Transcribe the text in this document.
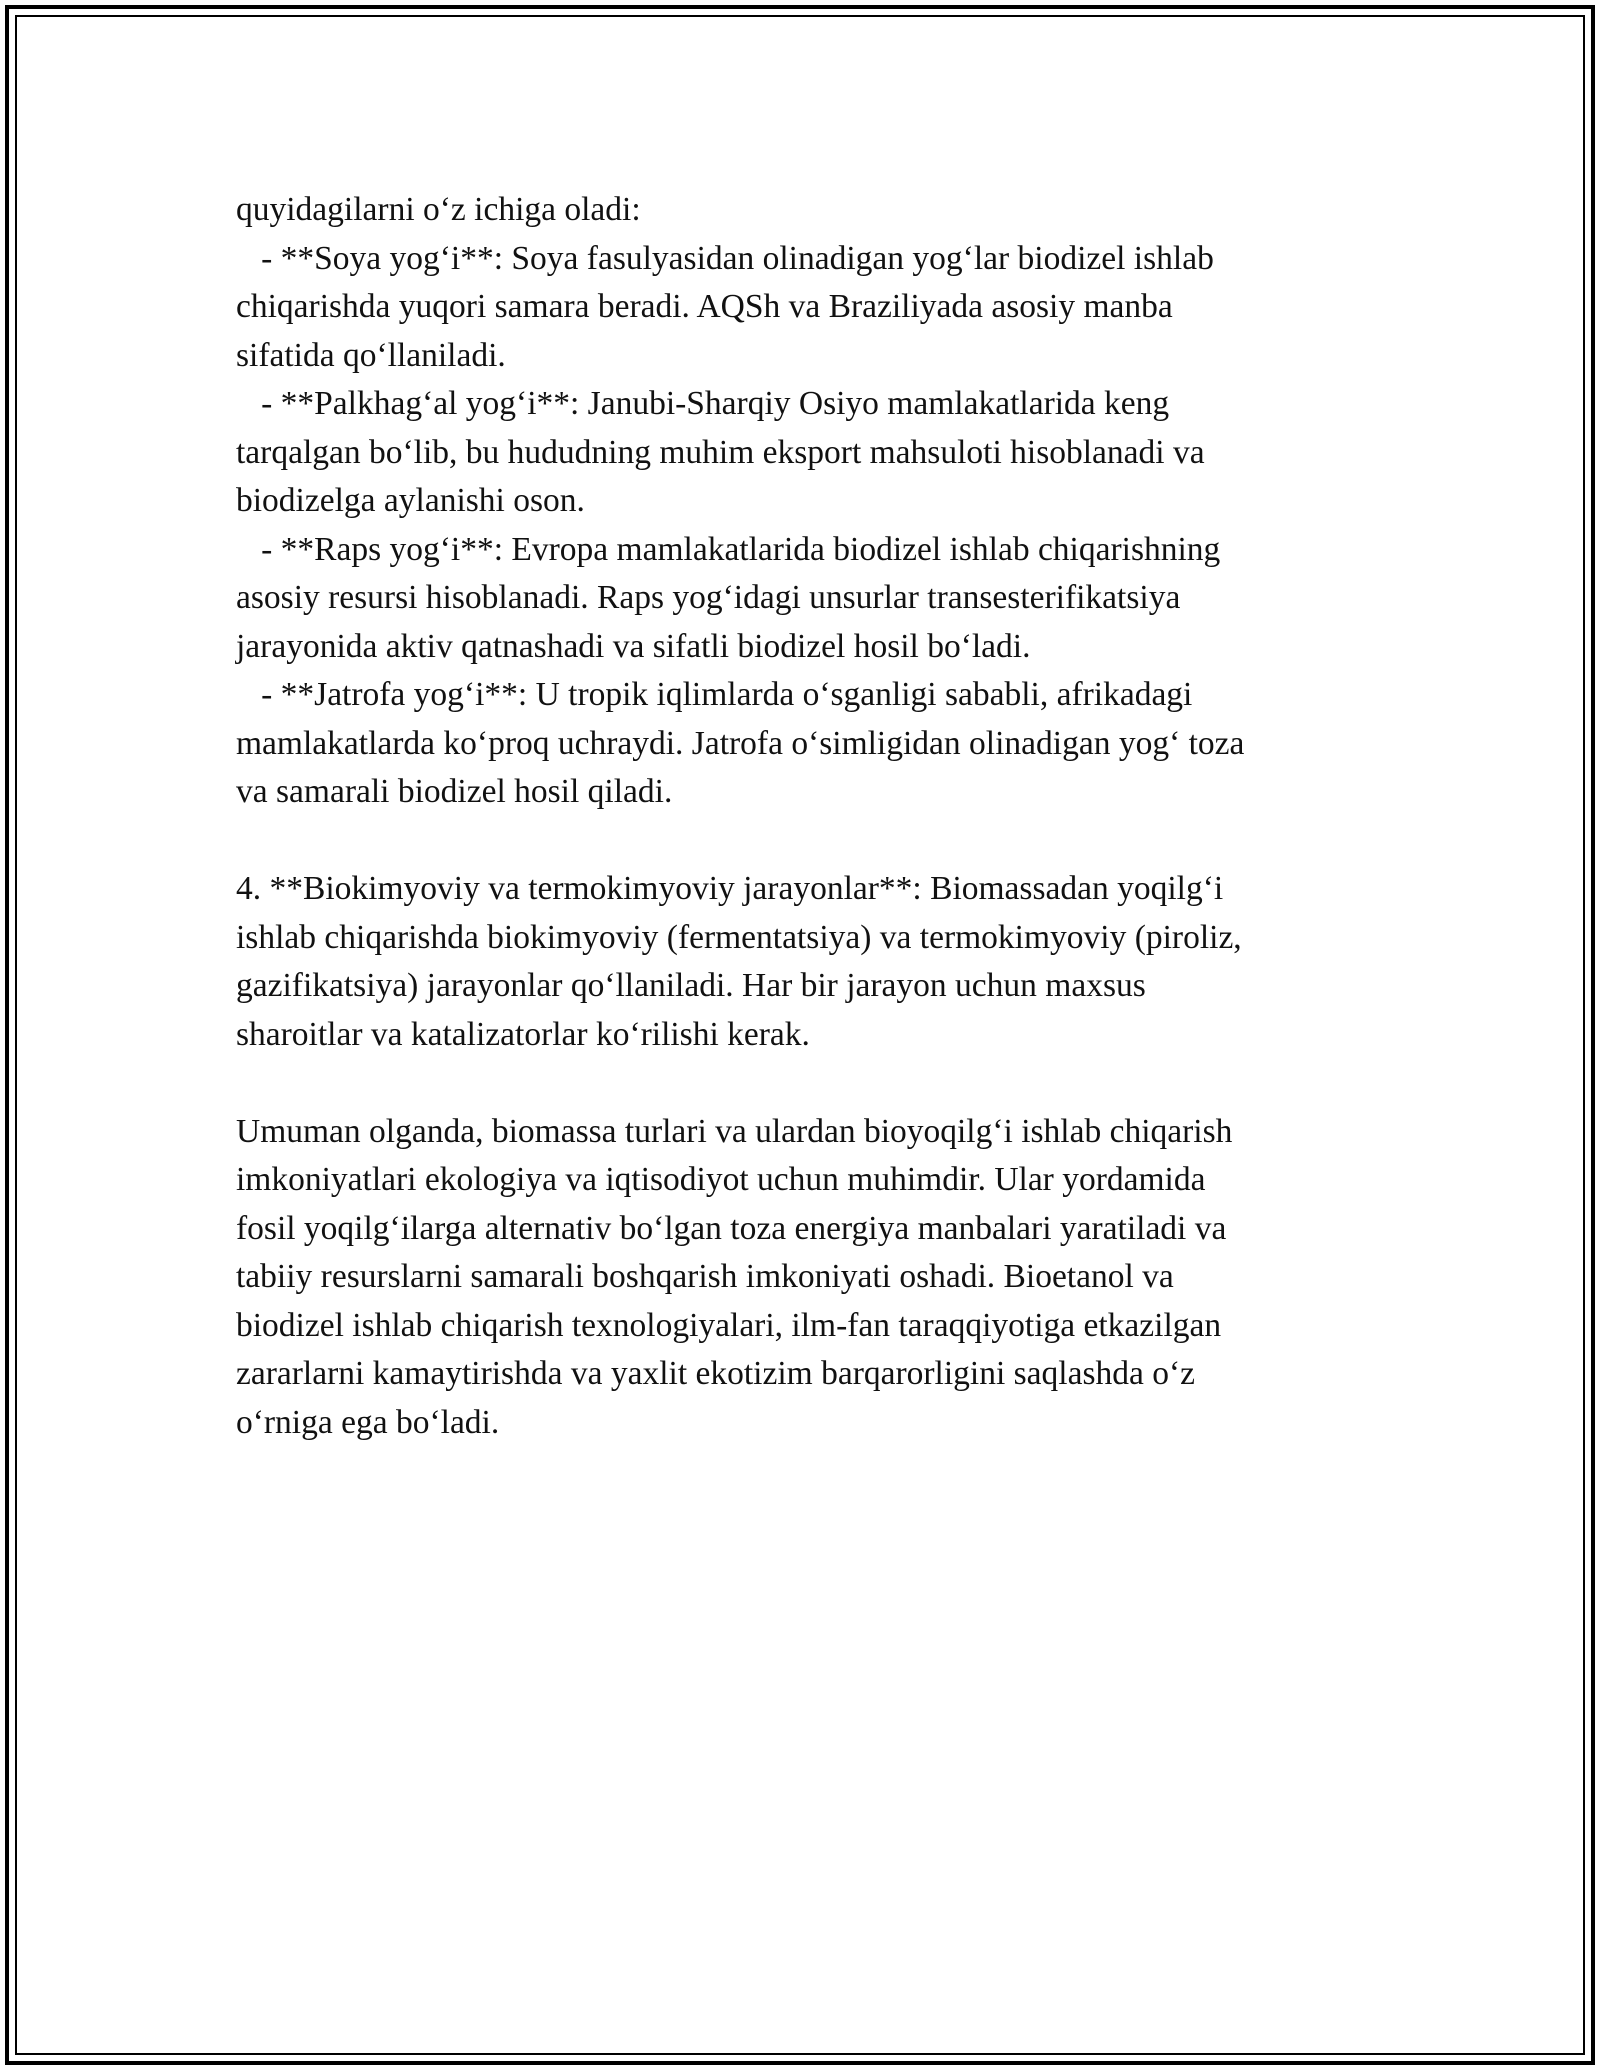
quyidagilarni o‘z ichiga oladi:
- **Soya yog‘i**: Soya fasulyasidan olinadigan yog‘lar biodizel ishlab
chiqarishda yuqori samara beradi. AQSh va Braziliyada asosiy manba
sifatida qo‘llaniladi.
- **Palkhag‘al yog‘i**: Janubi-Sharqiy Osiyo mamlakatlarida keng
tarqalgan bo‘lib, bu hududning muhim eksport mahsuloti hisoblanadi va
biodizelga aylanishi oson.
- **Raps yog‘i**: Evropa mamlakatlarida biodizel ishlab chiqarishning
asosiy resursi hisoblanadi. Raps yog‘idagi unsurlar transesterifikatsiya
jarayonida aktiv qatnashadi va sifatli biodizel hosil bo‘ladi.
- **Jatrofa yog‘i**: U tropik iqlimlarda o‘sganligi sababli, afrikadagi
mamlakatlarda ko‘proq uchraydi. Jatrofa o‘simligidan olinadigan yog‘ toza
va samarali biodizel hosil qiladi.
4. **Biokimyoviy va termokimyoviy jarayonlar**: Biomassadan yoqilg‘i
ishlab chiqarishda biokimyoviy (fermentatsiya) va termokimyoviy (piroliz,
gazifikatsiya) jarayonlar qo‘llaniladi. Har bir jarayon uchun maxsus
sharoitlar va katalizatorlar ko‘rilishi kerak.
Umuman olganda, biomassa turlari va ulardan bioyoqilg‘i ishlab chiqarish
imkoniyatlari ekologiya va iqtisodiyot uchun muhimdir. Ular yordamida
fosil yoqilg‘ilarga alternativ bo‘lgan toza energiya manbalari yaratiladi va
tabiiy resurslarni samarali boshqarish imkoniyati oshadi. Bioetanol va
biodizel ishlab chiqarish texnologiyalari, ilm-fan taraqqiyotiga etkazilgan
zararlarni kamaytirishda va yaxlit ekotizim barqarorligini saqlashda o‘z
o‘rniga ega bo‘ladi.
